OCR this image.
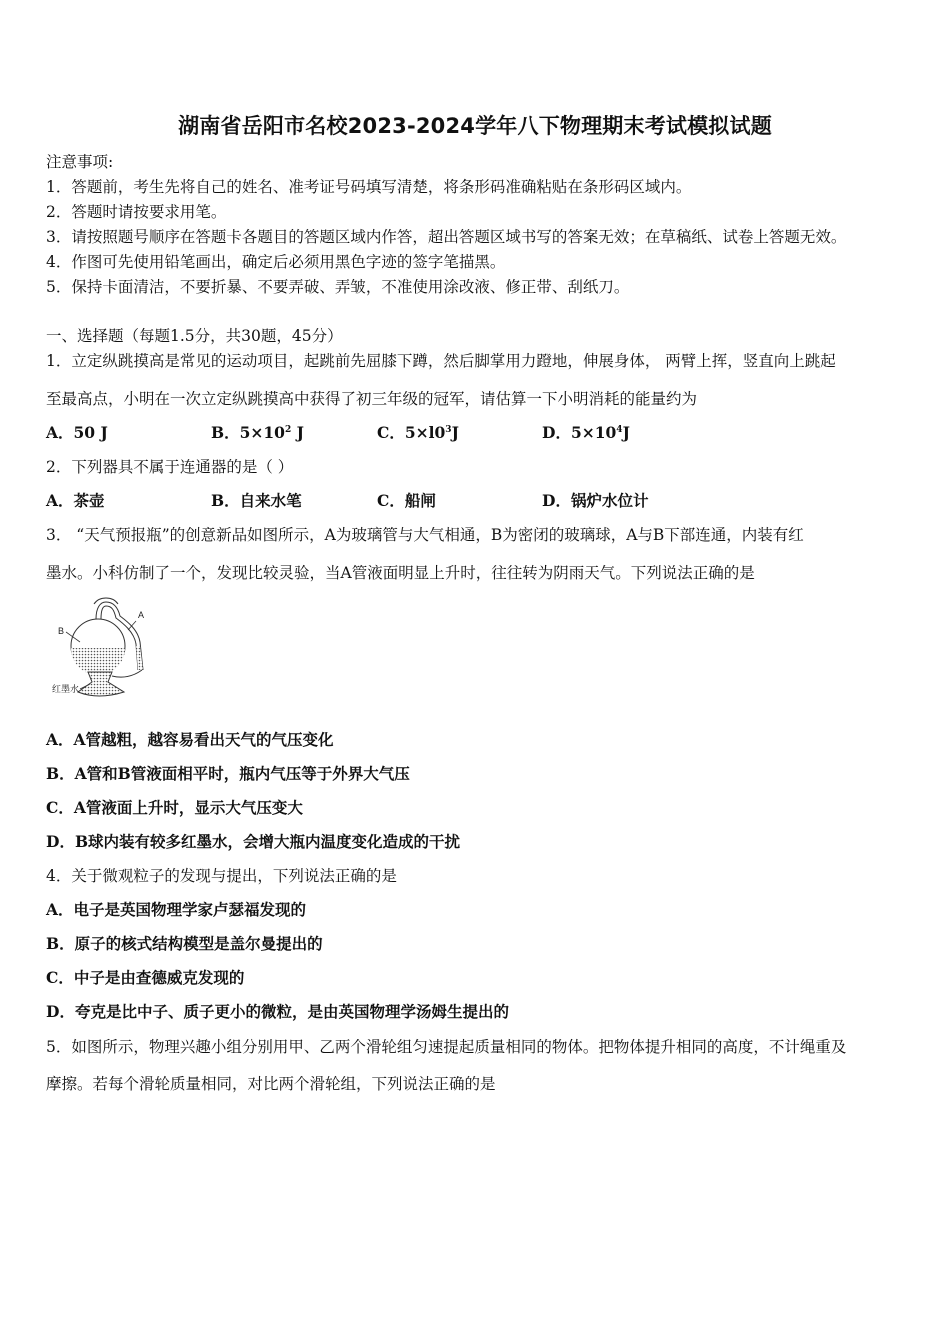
湖南省岳阳市名校2023-2024学年八下物理期末考试模拟试题
注意事项:
1．答题前，考生先将自己的姓名、准考证号码填写清楚，将条形码准确粘贴在条形码区域内。
2．答题时请按要求用笔。
3．请按照题号顺序在答题卡各题目的答题区域内作答，超出答题区域书写的答案无效；在草稿纸、试卷上答题无效。
4．作图可先使用铅笔画出，确定后必须用黑色字迹的签字笔描黑。
5．保持卡面清洁，不要折暴、不要弄破、弄皱，不准使用涂改液、修正带、刮纸刀。
一、选择题（每题1.5分，共30题，45分）
1．立定纵跳摸高是常见的运动项目，起跳前先屈膝下蹲，然后脚掌用力蹬地，伸展身体， 两臂上挥，竖直向上跳起
至最高点，小明在一次立定纵跳摸高中获得了初三年级的冠军，请估算一下小明消耗的能量约为
A．50 J	B．$5\times 10^2$ J	C．$5\times l0^3J$	D．$5\times 10^4J$
2．下列器具不属于连通器的是（ ）
A．茶壶	B．自来水笔	C．船闸	D．锅炉水位计
3． “天气预报瓶”的创意新品如图所示，A为玻璃管与大气相通，B为密闭的玻璃球，A与B下部连通，内装有红
墨水。小科仿制了一个，发现比较灵验，当A管液面明显上升时，往往转为阴雨天气。下列说法正确的是
A
B
红墨水
A．A管越粗，越容易看出天气的气压变化
B．A管和B管液面相平时，瓶内气压等于外界大气压
C．A管液面上升时，显示大气压变大
D．B球内装有较多红墨水，会增大瓶内温度变化造成的干扰
4．关于微观粒子的发现与提出，下列说法正确的是
A．电子是英国物理学家卢瑟福发现的
B．原子的核式结构模型是盖尔曼提出的
C．中子是由查德威克发现的
D．夸克是比中子、质子更小的微粒，是由英国物理学汤姆生提出的
5．如图所示，物理兴趣小组分别用甲、乙两个滑轮组匀速提起质量相同的物体。把物体提升相同的高度，不计绳重及
摩擦。若每个滑轮质量相同，对比两个滑轮组，下列说法正确的是
